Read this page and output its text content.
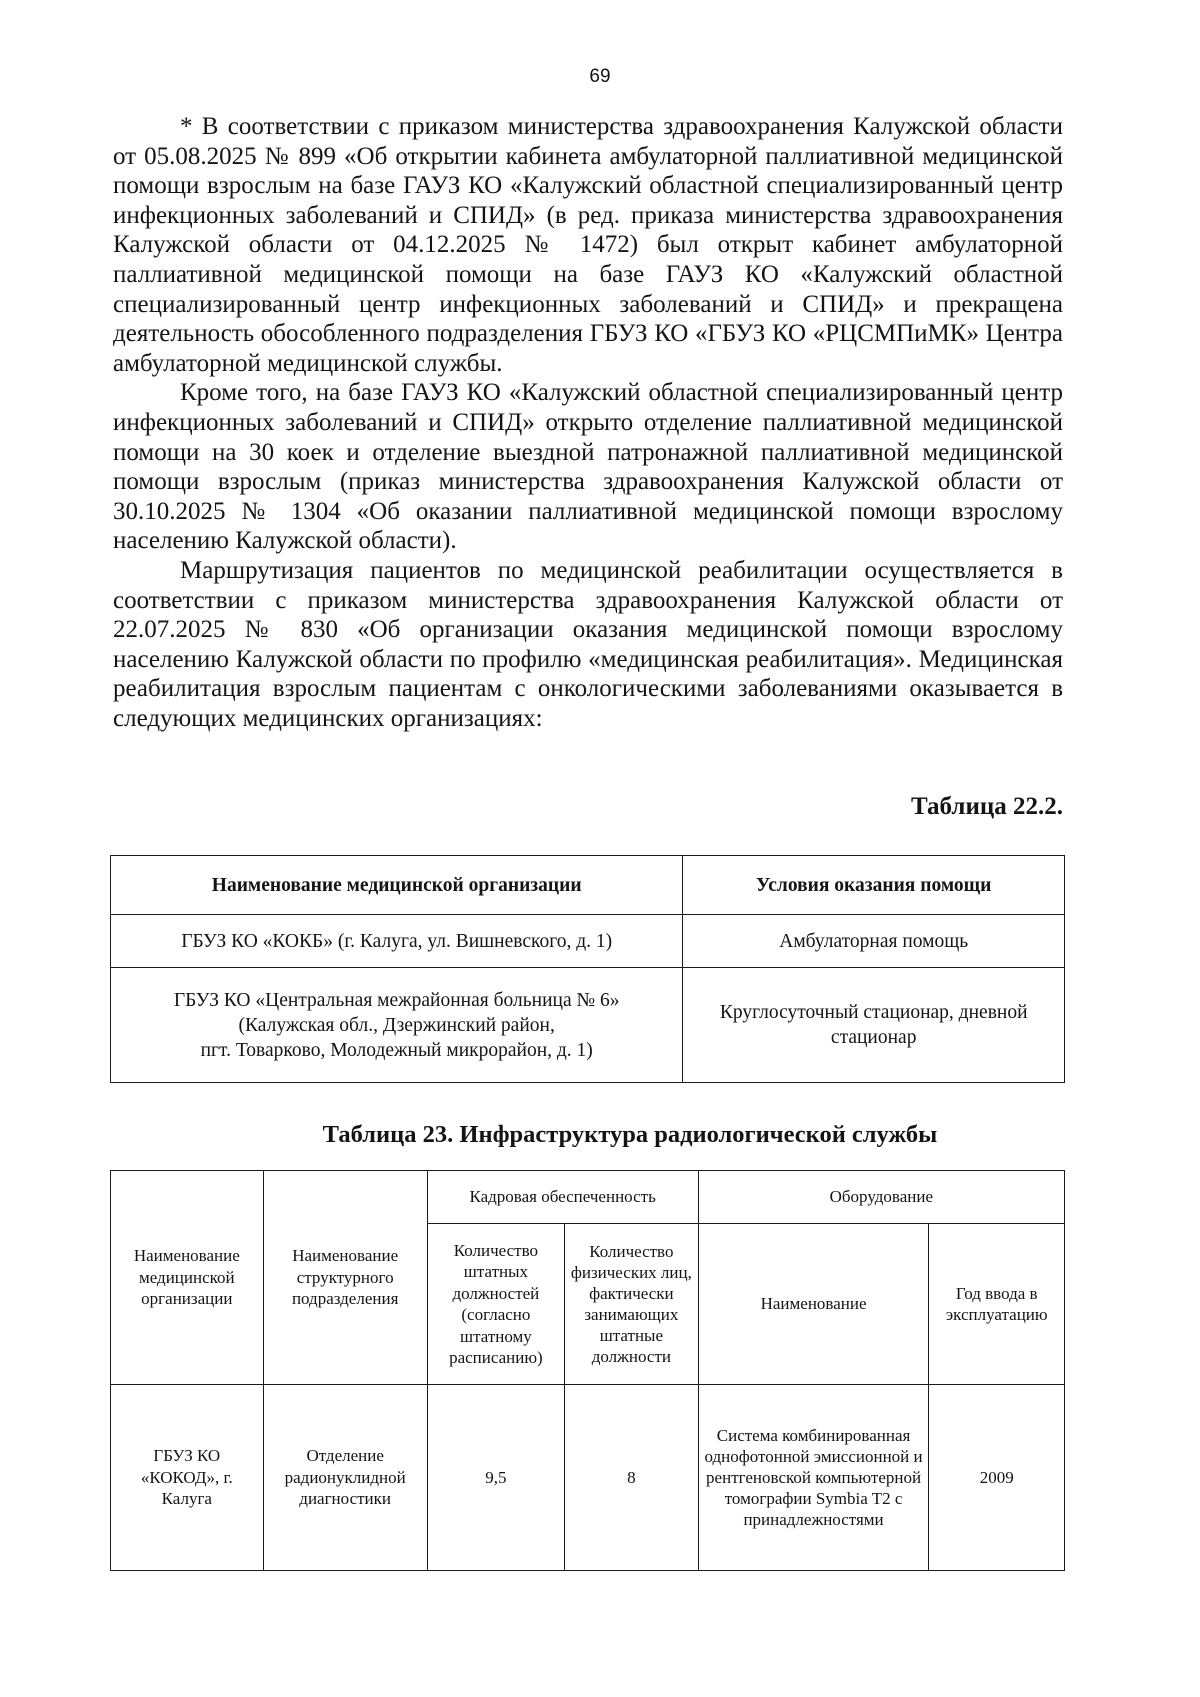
69

* В соответствии с приказом министерства здравоохранения Калужской области от 05.08.2025 № 899 «Об открытии кабинета амбулаторной паллиативной медицинской помощи взрослым на базе ГАУЗ КО «Калужский областной специализированный центр инфекционных заболеваний и СПИД» (в ред. приказа министерства здравоохранения Калужской области от 04.12.2025 № 1472) был открыт кабинет амбулаторной паллиативной медицинской помощи на базе ГАУЗ КО «Калужский областной специализированный центр инфекционных заболеваний и СПИД» и прекращена деятельность обособленного подразделения ГБУЗ КО «ГБУЗ КО «РЦСМПиМК» Центра амбулаторной медицинской службы.

Кроме того, на базе ГАУЗ КО «Калужский областной специализированный центр инфекционных заболеваний и СПИД» открыто отделение паллиативной медицинской помощи на 30 коек и отделение выездной патронажной паллиативной медицинской помощи взрослым (приказ министерства здравоохранения Калужской области от 30.10.2025 № 1304 «Об оказании паллиативной медицинской помощи взрослому населению Калужской области).

Маршрутизация пациентов по медицинской реабилитации осуществляется в соответствии с приказом министерства здравоохранения Калужской области от 22.07.2025 № 830 «Об организации оказания медицинской помощи взрослому населению Калужской области по профилю «медицинская реабилитация». Медицинская реабилитация взрослым пациентам с онкологическими заболеваниями оказывается в следующих медицинских организациях:

Таблица 22.2.
Наименование медицинской организации	Условия оказания помощи
ГБУЗ КО «КОКБ» (г. Калуга, ул. Вишневского, д. 1)	Амбулаторная помощь

ГБУЗ КО «Центральная межрайонная больница № 6»
(Калужская обл., Дзержинский район,
пгт. Товарково, Молодежный микрорайон, д. 1)	Круглосуточный стационар, дневной стационар
Таблица 23. Инфраструктура радиологической службы
Наименование медицинской организации	Наименование структурного подразделения	Кадровая обеспеченность		Оборудование	
		Количество штатных должностей (согласно штатному расписанию)	Количество физических лиц, фактически занимающих штатные должности	Наименование	Год ввода в эксплуатацию
ГБУЗ КО «КОКОД», г. Калуга	Отделение радионуклидной диагностики	9,5	8	Система комбинированная однофотонной эмиссионной и рентгеновской компьютерной томографии Symbia T2 с принадлежностями	2009
